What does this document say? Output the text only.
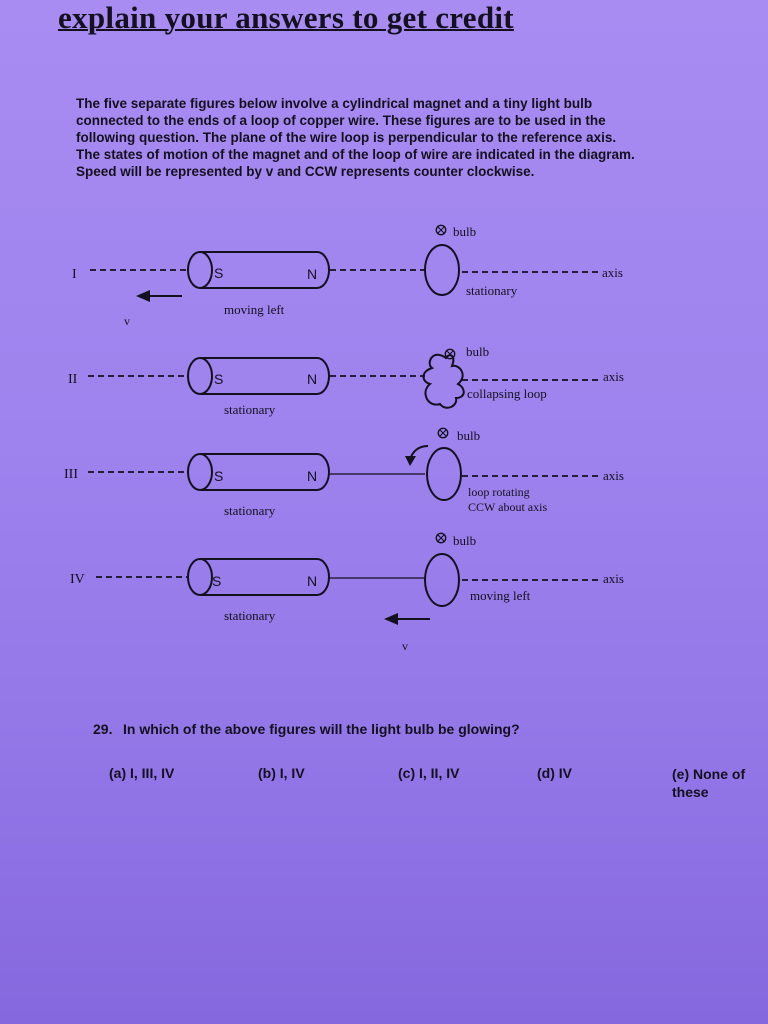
explain your answers to get credit
The five separate figures below involve a cylindrical magnet and a tiny light bulb
connected to the ends of a loop of copper wire. These figures are to be used in the
following question. The plane of the wire loop is perpendicular to the reference axis.
The states of motion of the magnet and of the loop of wire are indicated in the diagram.
Speed will be represented by v and CCW represents counter clockwise.
I	S	N
bulb
axis
stationary
v
moving left
II	S	N
bulb
axis
collapsing loop
stationary
III	S	N
bulb
axis
loop rotating
CCW about axis
stationary
IV	S	N
bulb
axis
moving left
v
stationary
29. In which of the above figures will the light bulb be glowing?
(a) I, III, IV	(b) I, IV	(c) I, II, IV	(d) IV	(e) None of
these
